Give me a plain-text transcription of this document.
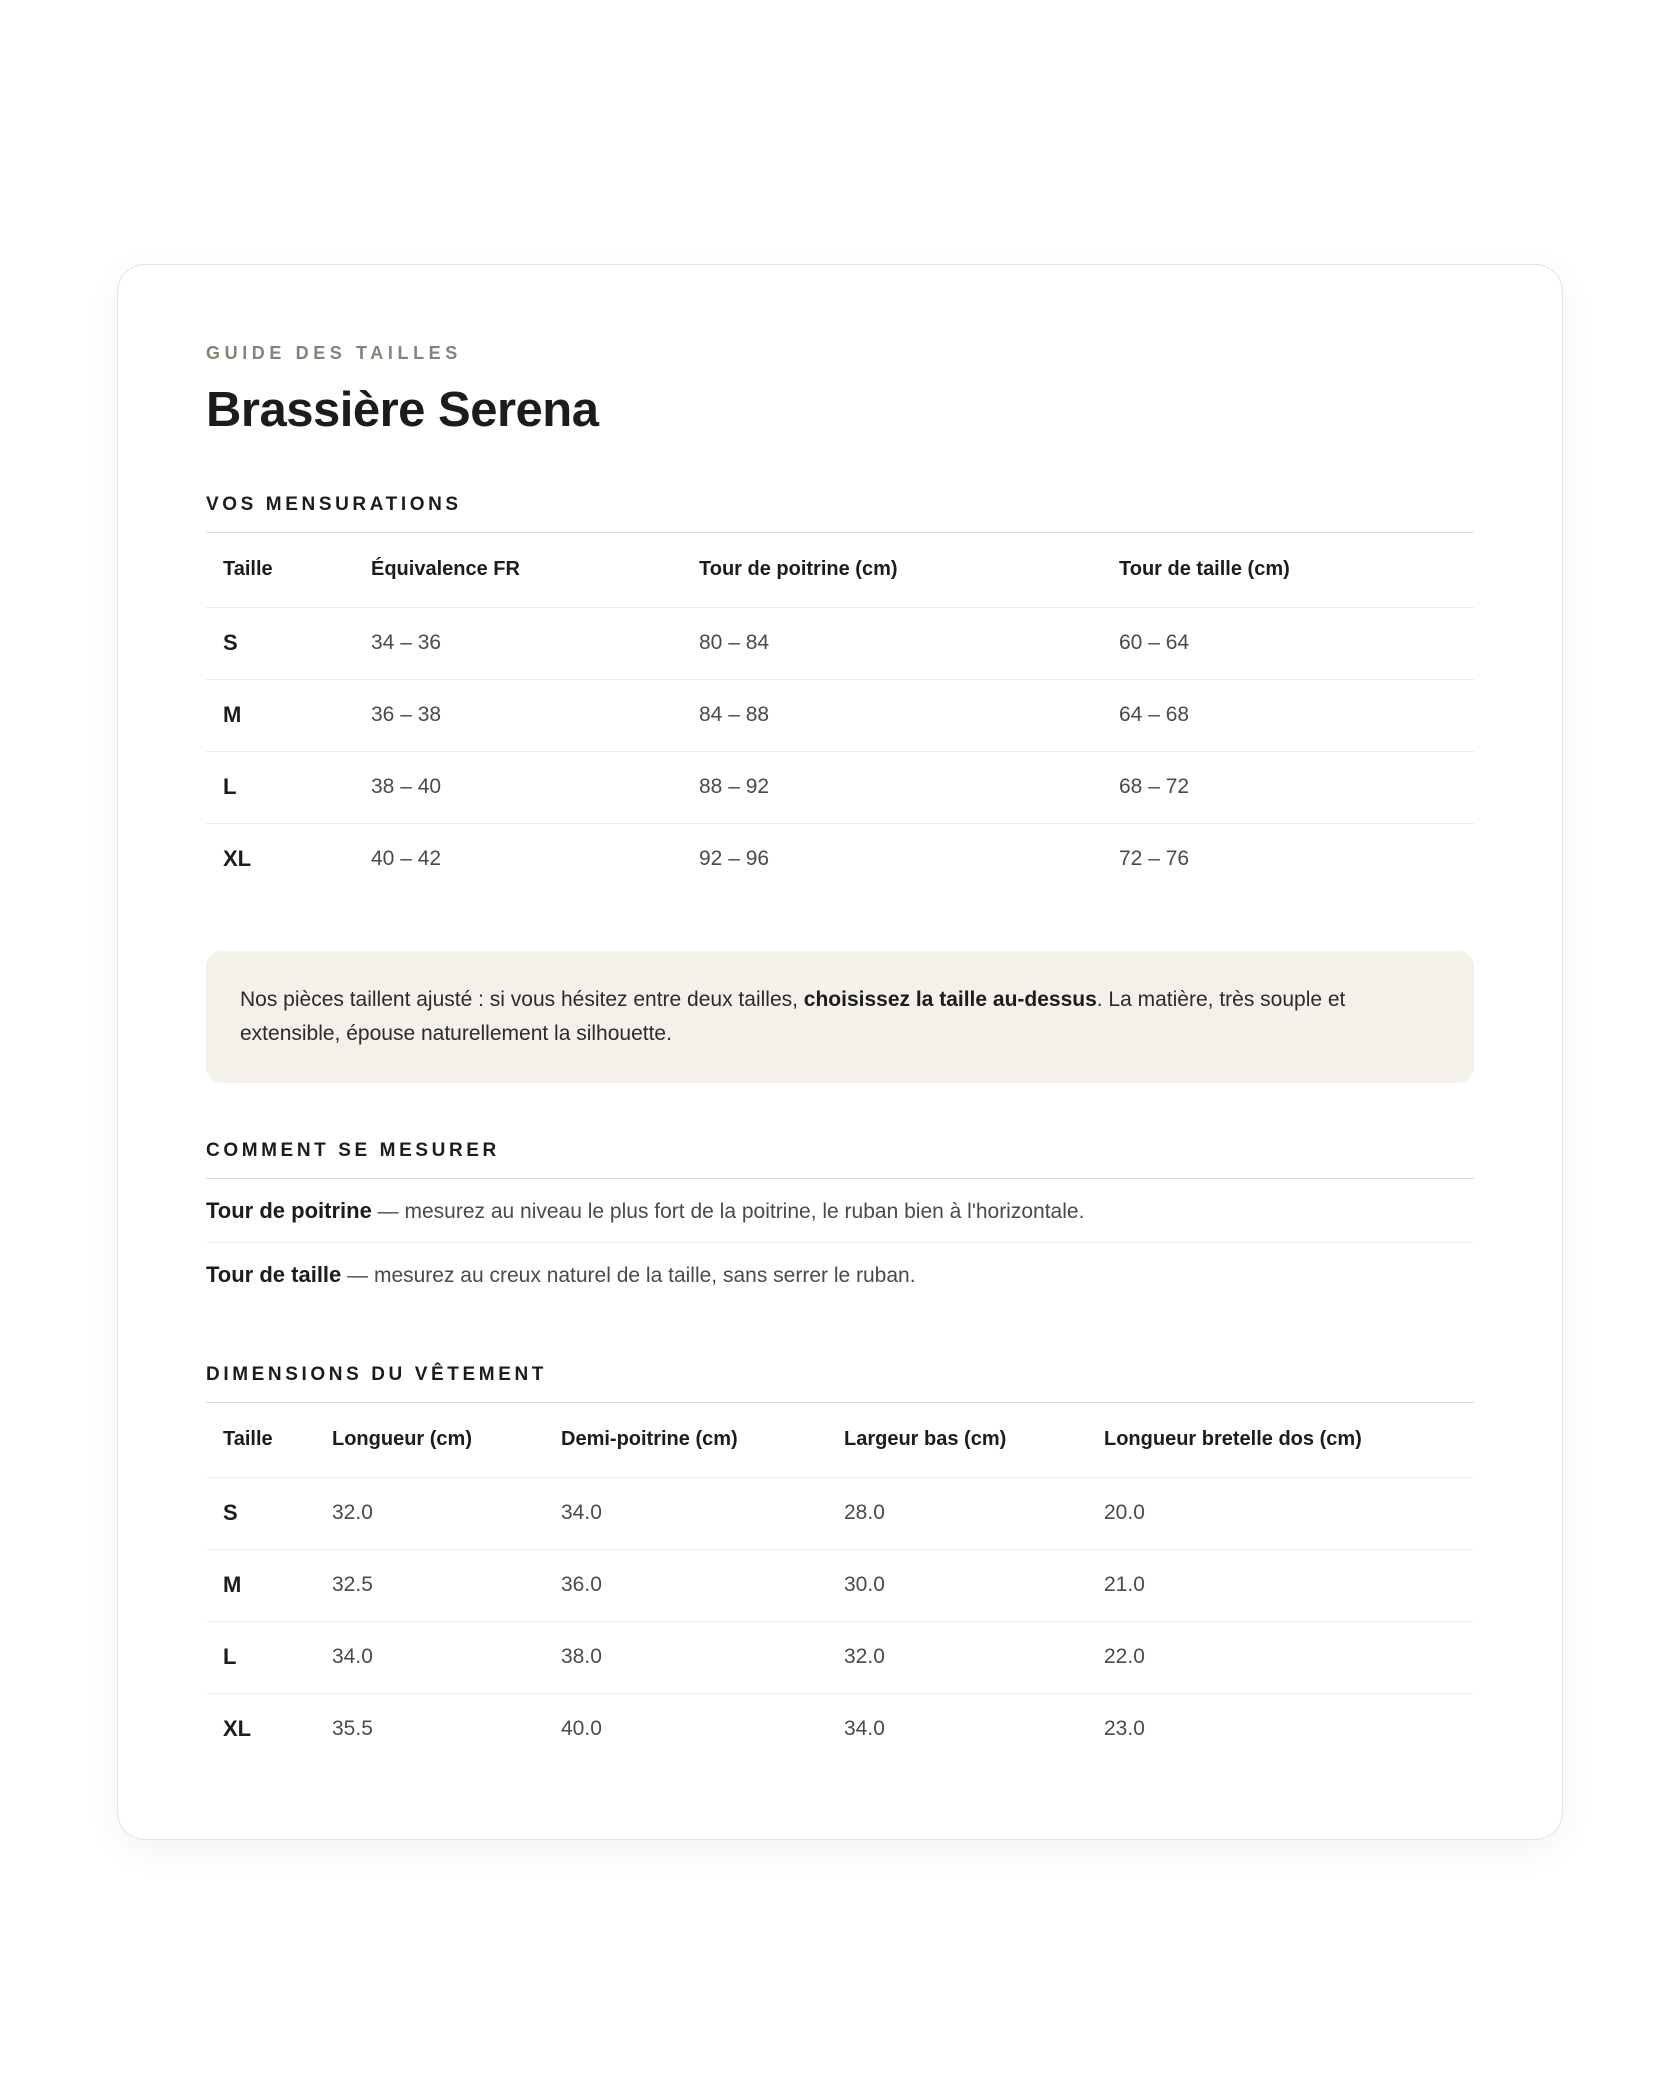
GUIDE DES TAILLES
Brassière Serena
VOS MENSURATIONS
Taille	Équivalence FR	Tour de poitrine (cm)	Tour de taille (cm)
S	34 – 36	80 – 84	60 – 64
M	36 – 38	84 – 88	64 – 68
L	38 – 40	88 – 92	68 – 72
XL	40 – 42	92 – 96	72 – 76
Nos pièces taillent ajusté : si vous hésitez entre deux tailles, choisissez la taille au-dessus. La matière, très souple et extensible, épouse naturellement la silhouette.
COMMENT SE MESURER
Tour de poitrine — mesurez au niveau le plus fort de la poitrine, le ruban bien à l'horizontale.
Tour de taille — mesurez au creux naturel de la taille, sans serrer le ruban.
DIMENSIONS DU VÊTEMENT
Taille	Longueur (cm)	Demi-poitrine (cm)	Largeur bas (cm)	Longueur bretelle dos (cm)
S	32.0	34.0	28.0	20.0
M	32.5	36.0	30.0	21.0
L	34.0	38.0	32.0	22.0
XL	35.5	40.0	34.0	23.0
